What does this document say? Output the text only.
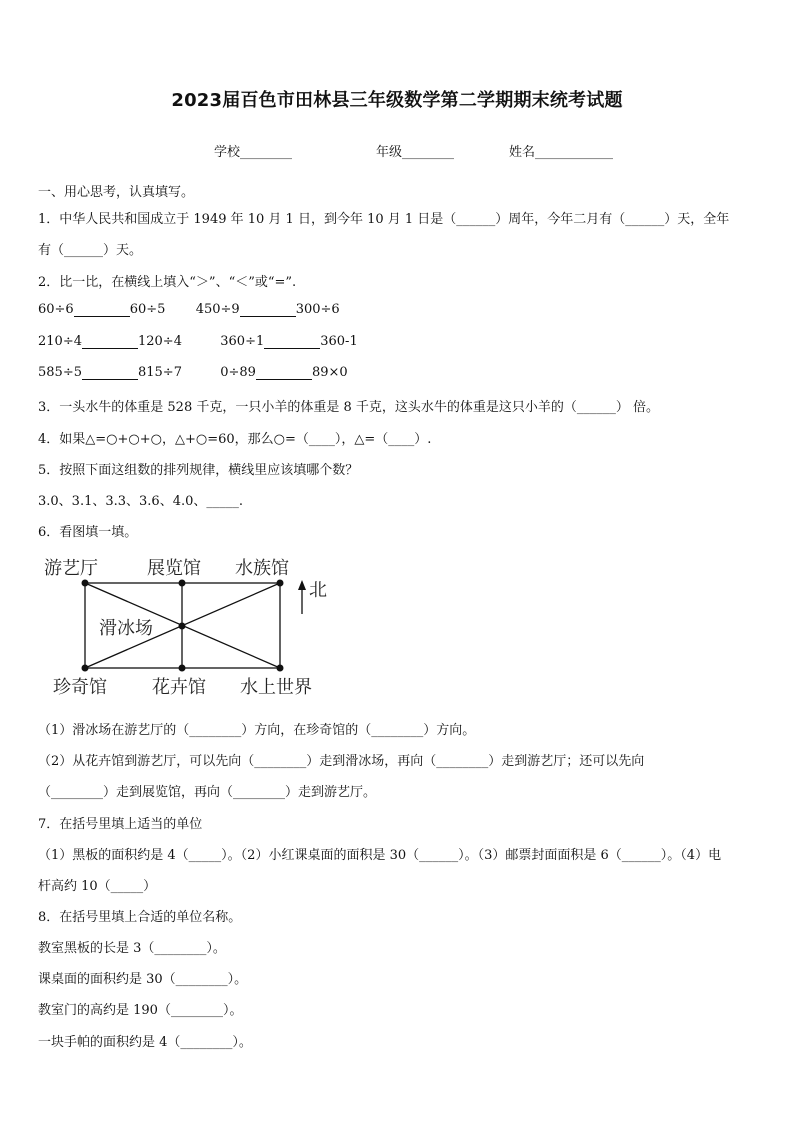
2023届百色市田林县三年级数学第二学期期末统考试题
学校________	年级________	姓名____________
一、用心思考，认真填写。
1．中华人民共和国成立于 1949 年 10 月 1 日，到今年 10 月 1 日是（______）周年，今年二月有（______）天，全年
有（______）天。
2．比一比，在横线上填入“＞”、“＜”或“=”.
60÷6	60÷5 450÷9	300÷6
210÷4	120÷4	360÷1	360-1
585÷5	815÷7	0÷89	89×0
3．一头水牛的体重是 528 千克，一只小羊的体重是 8 千克，这头水牛的体重是这只小羊的（______） 倍。
4．如果△=○+○+○，△+○=60，那么○=（____），△=（____）.
5．按照下面这组数的排列规律，横线里应该填哪个数？
3.0、3.1、3.3、3.6、4.0、_____.
6．看图填一填。
游艺厅	展览馆 水族馆
滑冰场
珍奇馆	花卉馆 水上世界
北
（1）滑冰场在游艺厅的（________）方向，在珍奇馆的（________）方向。
（2）从花卉馆到游艺厅，可以先向（________）走到滑冰场，再向（________）走到游艺厅；还可以先向
（________）走到展览馆，再向（________）走到游艺厅。
7．在括号里填上适当的单位
（1）黑板的面积约是 4（_____）。（2）小红课桌面的面积是 30（______）。（3）邮票封面面积是 6（______）。（4）电
杆高约 10（_____）
8．在括号里填上合适的单位名称。
教室黑板的长是 3（________）。
课桌面的面积约是 30（________）。
教室门的高约是 190（________）。
一块手帕的面积约是 4（________）。
